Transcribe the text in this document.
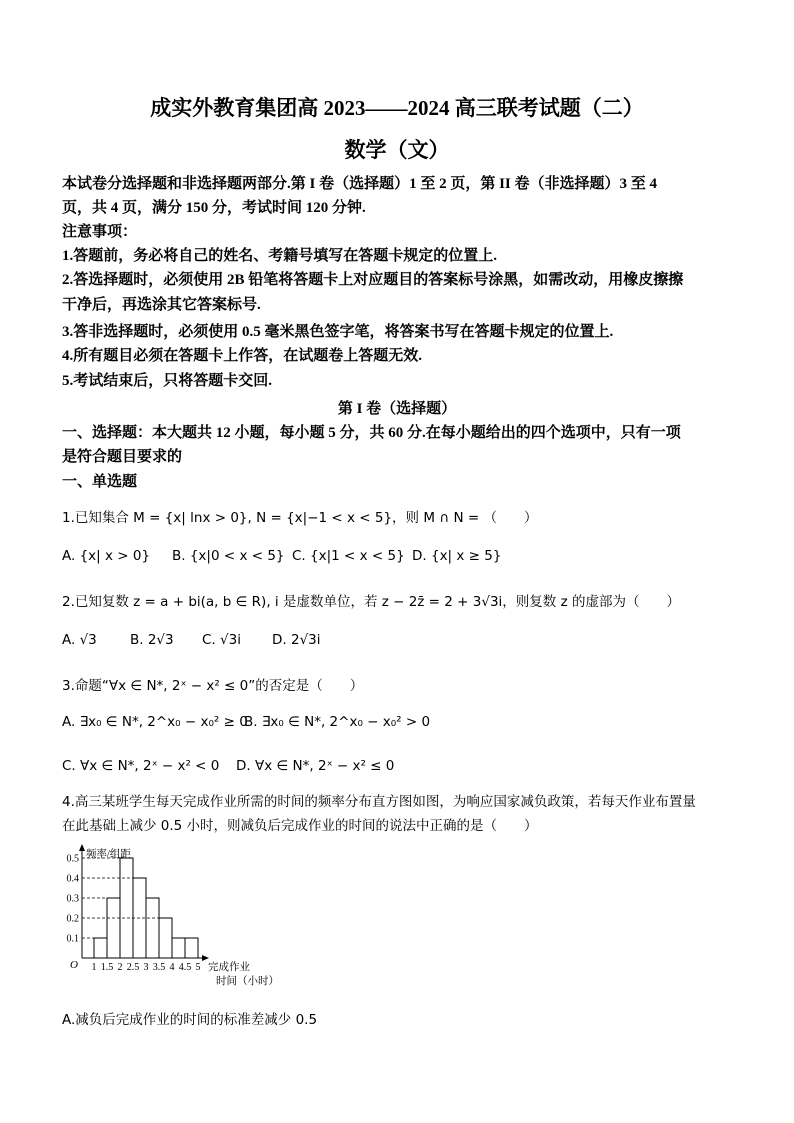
成实外教育集团高 2023——2024 高三联考试题（二）
数学（文）
本试卷分选择题和非选择题两部分.第 I 卷（选择题）1 至 2 页，第 II 卷（非选择题）3 至 4
页，共 4 页，满分 150 分，考试时间 120 分钟.
注意事项：
1.答题前，务必将自己的姓名、考籍号填写在答题卡规定的位置上.
2.答选择题时，必须使用 2B 铅笔将答题卡上对应题目的答案标号涂黑，如需改动，用橡皮擦擦
干净后，再选涂其它答案标号.
3.答非选择题时，必须使用 0.5 毫米黑色签字笔，将答案书写在答题卡规定的位置上.
4.所有题目必须在答题卡上作答，在试题卷上答题无效.
5.考试结束后，只将答题卡交回.
第 I 卷（选择题）
一、选择题：本大题共 12 小题，每小题 5 分，共 60 分.在每小题给出的四个选项中，只有一项
是符合题目要求的
一、单选题
1.已知集合 M = {x| lnx > 0}, N = {x|−1 < x < 5}，则 M ∩ N = （　　）
A. {x| x > 0} B. {x|0 < x < 5} C. {x|1 < x < 5} D. {x| x ≥ 5}
2.已知复数 z = a + bi(a, b ∈ R), i 是虚数单位，若 z − 2z̄ = 2 + 3√3i，则复数 z 的虚部为（　　）
A. √3 B. 2√3 C. √3i D. 2√3i
3.命题“∀x ∈ N*, 2ˣ − x² ≤ 0”的否定是（　　）
A. ∃x₀ ∈ N*, 2^x₀ − x₀² ≥ 0
B. ∃x₀ ∈ N*, 2^x₀ − x₀² > 0
C. ∀x ∈ N*, 2ˣ − x² < 0 D. ∀x ∈ N*, 2ˣ − x² ≤ 0
4.高三某班学生每天完成作业所需的时间的频率分布直方图如图，为响应国家减负政策，若每天作业布置量
在此基础上减少 0.5 小时，则减负后完成作业的时间的说法中正确的是（　　）
0.1
0.2
0.3
0.4
0.5
1 1.5 2 2.5 3 3.5 4 4.5 5
频率/组距
完成作业
时间（小时）
O
A.减负后完成作业的时间的标准差减少 0.5
